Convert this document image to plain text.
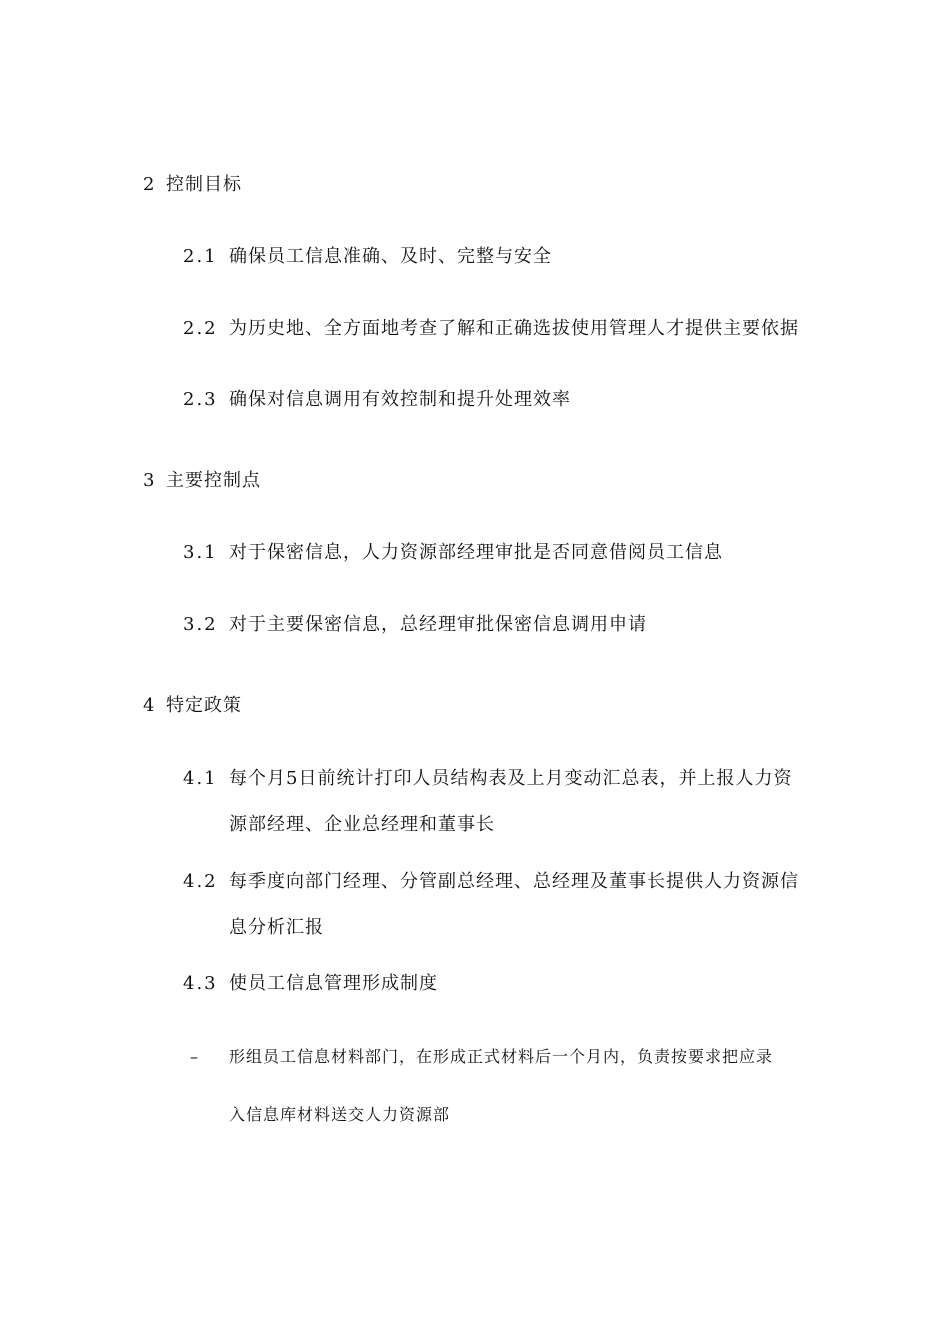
2 控制目标
2.1 确保员工信息准确、及时、完整与安全
2.2 为历史地、全方面地考查了解和正确选拔使用管理人才提供主要依据
2.3 确保对信息调用有效控制和提升处理效率
3 主要控制点
3.1 对于保密信息，人力资源部经理审批是否同意借阅员工信息
3.2 对于主要保密信息，总经理审批保密信息调用申请
4 特定政策
4.1 每个月5日前统计打印人员结构表及上月变动汇总表，并上报人力资
源部经理、企业总经理和董事长
4.2 每季度向部门经理、分管副总经理、总经理及董事长提供人力资源信
息分析汇报
4.3 使员工信息管理形成制度
– 形组员工信息材料部门，在形成正式材料后一个月内，负责按要求把应录
入信息库材料送交人力资源部
